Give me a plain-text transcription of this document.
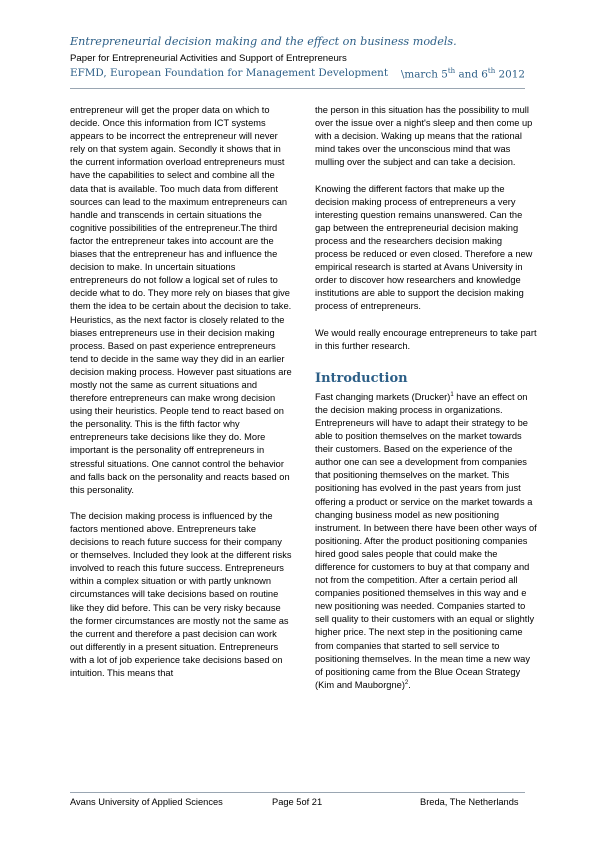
Entrepreneurial decision making and the effect on business models.
Paper for Entrepreneurial Activities and Support of Entrepreneurs
EFMD, European Foundation for Management Development \march 5th and 6th 2012

entrepreneur will get the proper data on which to decide. Once this information from ICT systems appears to be incorrect the entrepreneur will never rely on that system again. Secondly it shows that in the current information overload entrepreneurs must have the capabilities to select and combine all the data that is available. Too much data from different sources can lead to the maximum entrepreneurs can handle and transcends in certain situations the cognitive possibilities of the entrepreneur.The third factor the entrepreneur takes into account are the biases that the entrepreneur has and influence the decision to make. In uncertain situations entrepreneurs do not follow a logical set of rules to decide what to do. They more rely on biases that give them the idea to be certain about the decision to take. Heuristics, as the next factor is closely related to the biases entrepreneurs use in their decision making process. Based on past experience entrepreneurs tend to decide in the same way they did in an earlier decision making process. However past situations are mostly not the same as current situations and therefore entrepreneurs can make wrong decision using their heuristics. People tend to react based on the personality. This is the fifth factor why entrepreneurs take decisions like they do. More important is the personality off entrepreneurs in stressful situations. One cannot control the behavior and falls back on the personality and reacts based on this personality.

The decision making process is influenced by the factors mentioned above. Entrepreneurs take decisions to reach future success for their company or themselves. Included they look at the different risks involved to reach this future success. Entrepreneurs within a complex situation or with partly unknown circumstances will take decisions based on routine like they did before. This can be very risky because the former circumstances are mostly not the same as the current and therefore a past decision can work out differently in a present situation. Entrepreneurs with a lot of job experience take decisions based on intuition. This means that

the person in this situation has the possibility to mull over the issue over a night's sleep and then come up with a decision. Waking up means that the rational mind takes over the unconscious mind that was mulling over the subject and can take a decision.

Knowing the different factors that make up the decision making process of entrepreneurs a very interesting question remains unanswered. Can the gap between the entrepreneurial decision making process and the researchers decision making process be reduced or even closed. Therefore a new empirical research is started at Avans University in order to discover how researchers and knowledge institutions are able to support the decision making process of entrepreneurs.

We would really encourage entrepreneurs to take part in this further research.

Introduction

Fast changing markets (Drucker)$^1$ have an effect on the decision making process in organizations. Entrepreneurs will have to adapt their strategy to be able to position themselves on the market towards their customers. Based on the experience of the author one can see a development from companies that positioning themselves on the market. This positioning has evolved in the past years from just offering a product or service on the market towards a changing business model as new positioning instrument. In between there have been other ways of positioning. After the product positioning companies hired good sales people that could make the difference for customers to buy at that company and not from the competition. After a certain period all companies positioned themselves in this way and e new positioning was needed. Companies started to sell quality to their customers with an equal or slightly higher price. The next step in the positioning came from companies that started to sell service to positioning themselves. In the mean time a new way of positioning came from the Blue Ocean Strategy (Kim and Mauborgne)$^2$.

Avans University of Applied Sciences	Page 5of 21	Breda, The Netherlands
